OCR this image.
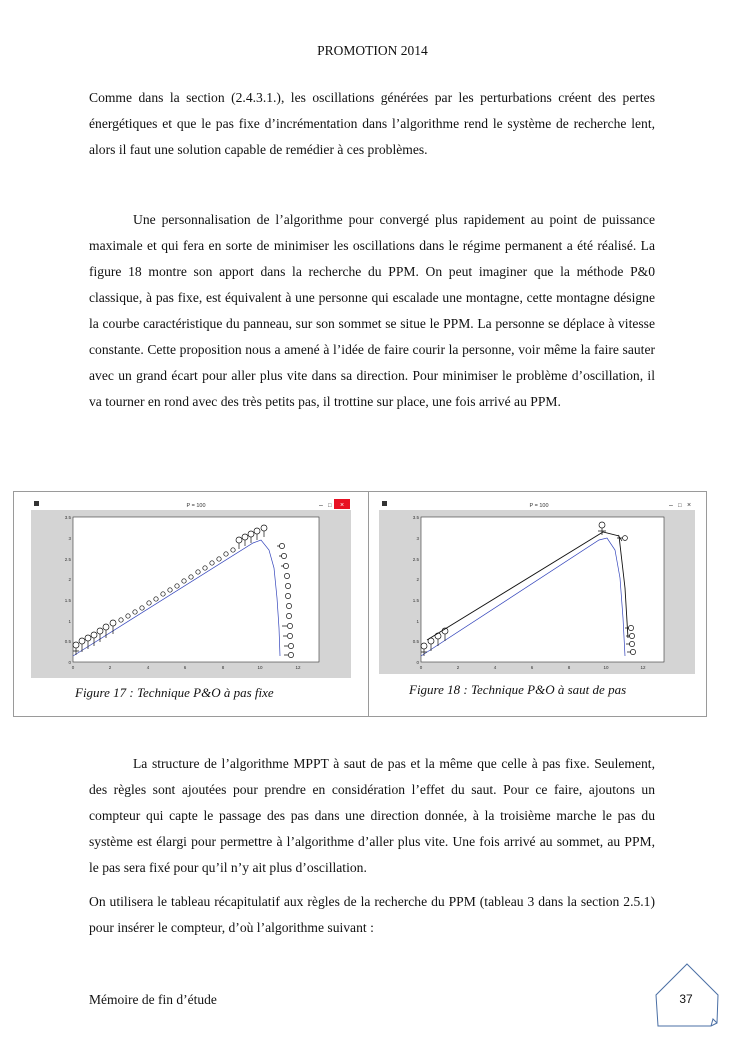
PROMOTION 2014

Comme dans la section (2.4.3.1.), les oscillations générées par les perturbations créent des pertes énergétiques et que le pas fixe d’incrémentation dans l’algorithme rend le système de recherche lent, alors il faut une solution capable de remédier à ces problèmes.

Une personnalisation de l’algorithme pour convergé plus rapidement au point de puissance maximale et qui fera en sorte de minimiser les oscillations dans le régime permanent a été réalisé. La figure 18 montre son apport dans la recherche du PPM. On peut imaginer que la méthode P&0 classique, à pas fixe, est équivalent à une personne qui escalade une montagne, cette montagne désigne la courbe caractéristique du panneau, sur son sommet se situe le PPM. La personne se déplace à vitesse constante. Cette proposition nous a amené à l’idée de faire courir la personne, voir même la faire sauter avec un grand écart pour aller plus vite dans sa direction. Pour minimiser le problème d’oscillation, il va tourner en rond avec des très petits pas, il trottine sur place, une fois arrivé au PPM.

P = 100	– □ ×
3.5
3
2.5
2
1.5
1
0.5
0
0	2	4	6	8	10	12
Figure 17 : Technique P&O à pas fixe
P = 100	– □ ×
3.5
3
2.5
2
1.5
1
0.5
0
0	2	4	6	8	10	12
Figure 18 : Technique P&O à saut de pas

La structure de l’algorithme MPPT à saut de pas et la même que celle à pas fixe. Seulement, des règles sont ajoutées pour prendre en considération l’effet du saut. Pour ce faire, ajoutons un compteur qui capte le passage des pas dans une direction donnée, à la troisième marche le pas du système est élargi pour permettre à l’algorithme d’aller plus vite. Une fois arrivé au sommet, au PPM, le pas sera fixé pour qu’il n’y ait plus d’oscillation.

On utilisera le tableau récapitulatif aux règles de la recherche du PPM (tableau 3 dans la section 2.5.1) pour insérer le compteur, d’où l’algorithme suivant :

Mémoire de fin d’étude	37
